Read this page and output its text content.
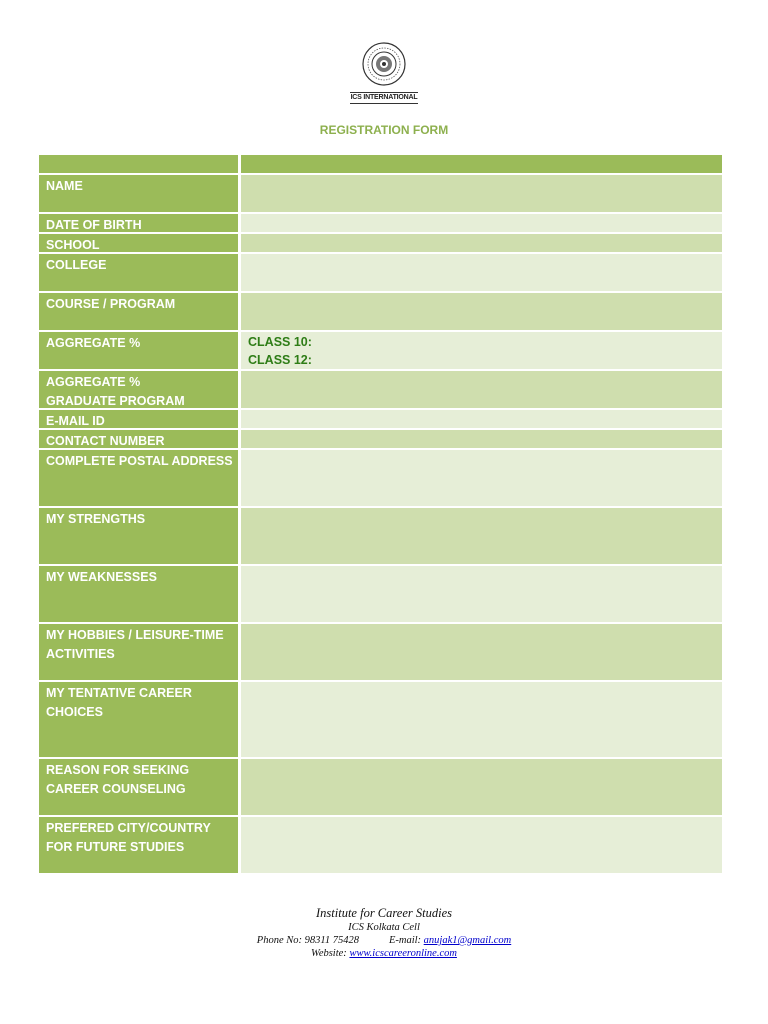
ICS INTERNATIONAL
REGISTRATION FORM
NAME
DATE OF BIRTH
SCHOOL
COLLEGE
COURSE / PROGRAM
AGGREGATE %	CLASS 10:
CLASS 12:
AGGREGATE %
GRADUATE PROGRAM
E-MAIL ID
CONTACT NUMBER
COMPLETE POSTAL ADDRESS
MY STRENGTHS
MY WEAKNESSES
MY HOBBIES / LEISURE-TIME
ACTIVITIES
MY TENTATIVE CAREER
CHOICES
REASON FOR SEEKING
CAREER COUNSELING
PREFERED CITY/COUNTRY
FOR FUTURE STUDIES
Institute for Career Studies
ICS Kolkata Cell
Phone No: 98311 75428	E-mail: anujak1@gmail.com
Website: www.icscareeronline.com
